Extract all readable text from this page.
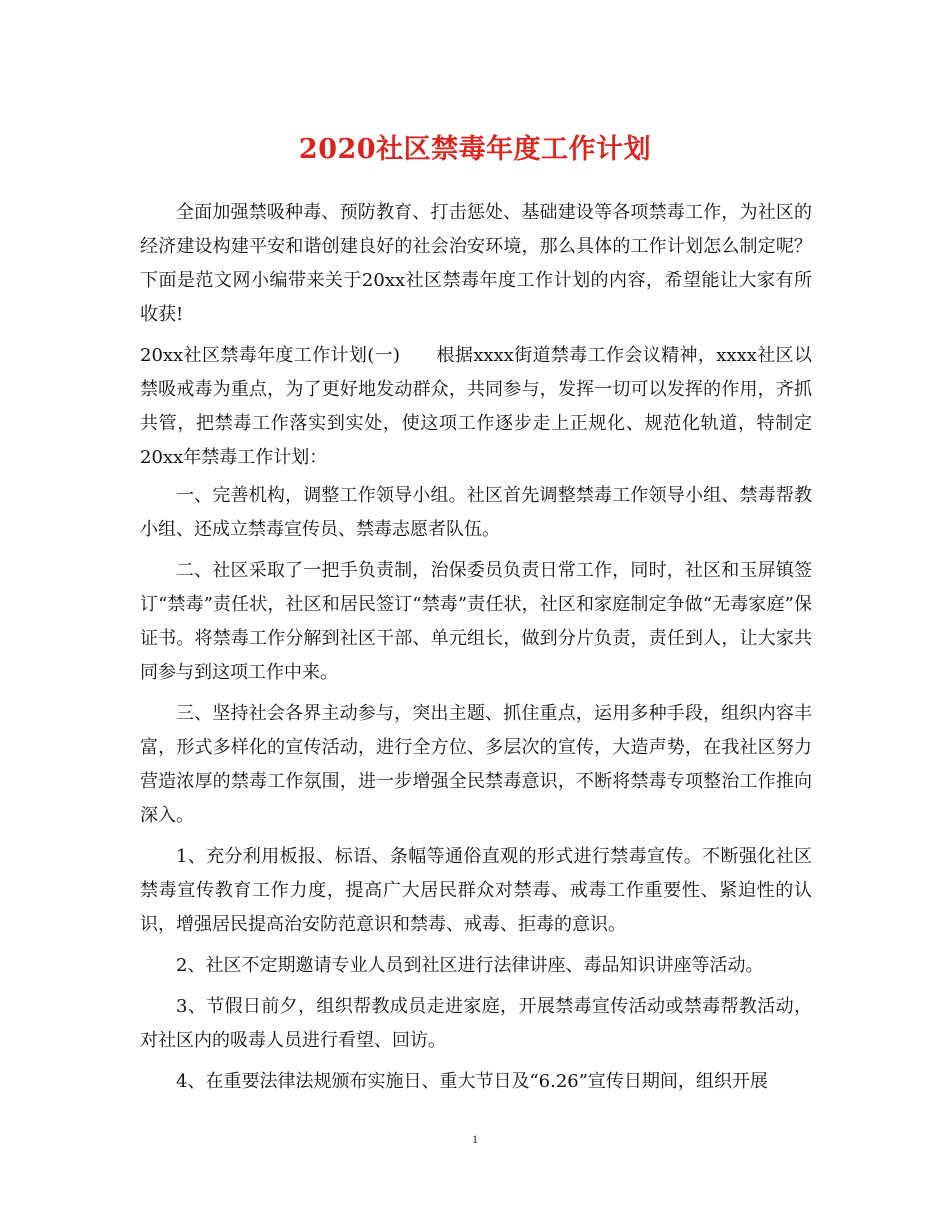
2020社区禁毒年度工作计划

全面加强禁吸种毒、预防教育、打击惩处、基础建设等各项禁毒工作，为社区的经济建设构建平安和谐创建良好的社会治安环境，那么具体的工作计划怎么制定呢？下面是范文网小编带来关于20xx社区禁毒年度工作计划的内容，希望能让大家有所收获!

20xx社区禁毒年度工作计划(一) 根据xxxx街道禁毒工作会议精神，xxxx社区以禁吸戒毒为重点，为了更好地发动群众，共同参与，发挥一切可以发挥的作用，齐抓共管，把禁毒工作落实到实处，使这项工作逐步走上正规化、规范化轨道，特制定20xx年禁毒工作计划：

一、完善机构，调整工作领导小组。社区首先调整禁毒工作领导小组、禁毒帮教小组、还成立禁毒宣传员、禁毒志愿者队伍。

二、社区采取了一把手负责制，治保委员负责日常工作，同时，社区和玉屏镇签订“禁毒”责任状，社区和居民签订“禁毒”责任状，社区和家庭制定争做“无毒家庭”保证书。将禁毒工作分解到社区干部、单元组长，做到分片负责，责任到人，让大家共同参与到这项工作中来。

三、坚持社会各界主动参与，突出主题、抓住重点，运用多种手段，组织内容丰富，形式多样化的宣传活动，进行全方位、多层次的宣传，大造声势，在我社区努力营造浓厚的禁毒工作氛围，进一步增强全民禁毒意识，不断将禁毒专项整治工作推向深入。

1、充分利用板报、标语、条幅等通俗直观的形式进行禁毒宣传。不断强化社区禁毒宣传教育工作力度，提高广大居民群众对禁毒、戒毒工作重要性、紧迫性的认识，增强居民提高治安防范意识和禁毒、戒毒、拒毒的意识。

2、社区不定期邀请专业人员到社区进行法律讲座、毒品知识讲座等活动。

3、节假日前夕，组织帮教成员走进家庭，开展禁毒宣传活动或禁毒帮教活动，对社区内的吸毒人员进行看望、回访。

4、在重要法律法规颁布实施日、重大节日及“6.26”宣传日期间，组织开展

1
